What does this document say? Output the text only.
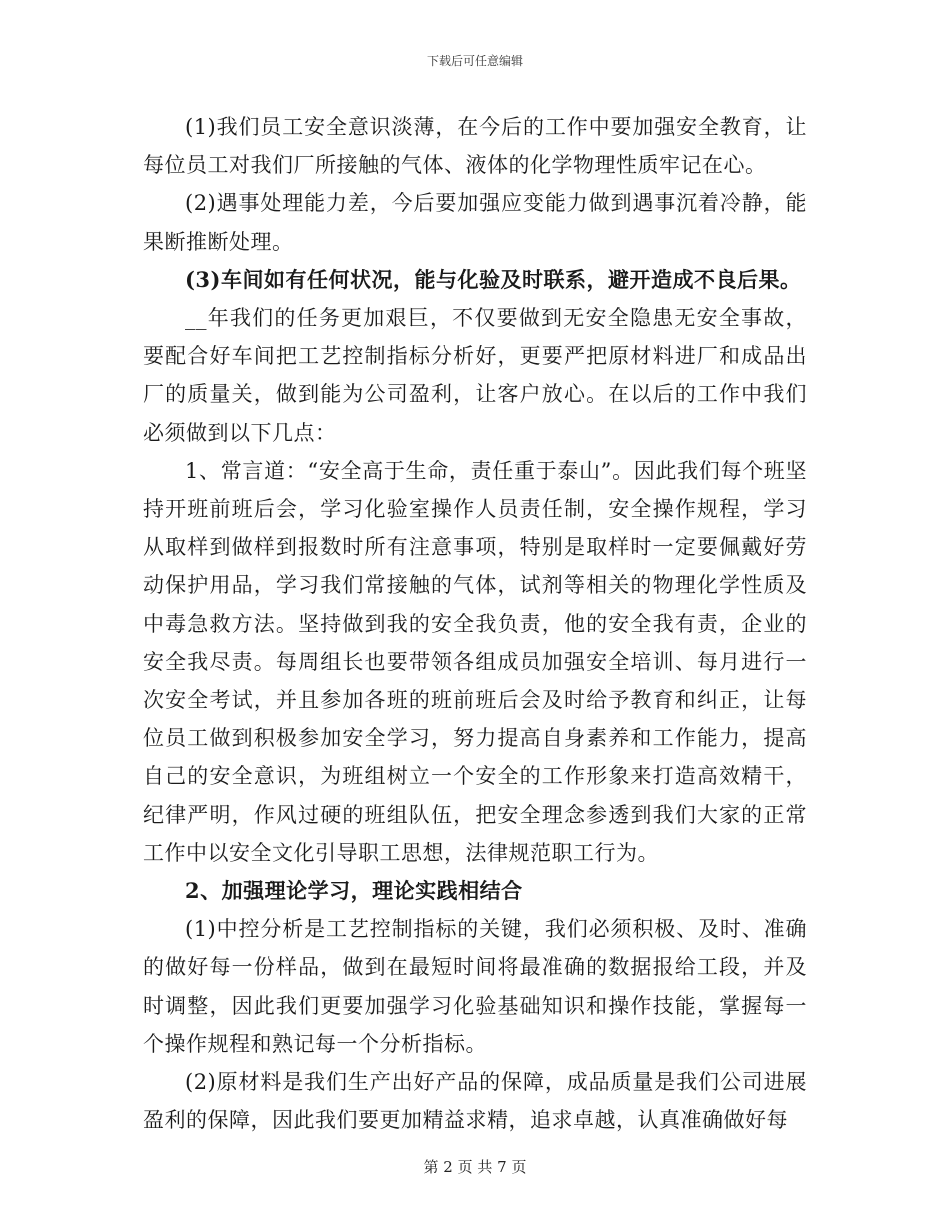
下载后可任意编辑

(1)我们员工安全意识淡薄，在今后的工作中要加强安全教育，让每位员工对我们厂所接触的气体、液体的化学物理性质牢记在心。

(2)遇事处理能力差，今后要加强应变能力做到遇事沉着冷静，能果断推断处理。

(3)车间如有任何状况，能与化验及时联系，避开造成不良后果。

__年我们的任务更加艰巨，不仅要做到无安全隐患无安全事故，要配合好车间把工艺控制指标分析好，更要严把原材料进厂和成品出厂的质量关，做到能为公司盈利，让客户放心。在以后的工作中我们必须做到以下几点：

1、常言道：“安全高于生命，责任重于泰山”。因此我们每个班坚持开班前班后会，学习化验室操作人员责任制，安全操作规程，学习从取样到做样到报数时所有注意事项，特别是取样时一定要佩戴好劳动保护用品，学习我们常接触的气体，试剂等相关的物理化学性质及中毒急救方法。坚持做到我的安全我负责，他的安全我有责，企业的安全我尽责。每周组长也要带领各组成员加强安全培训、每月进行一次安全考试，并且参加各班的班前班后会及时给予教育和纠正，让每位员工做到积极参加安全学习，努力提高自身素养和工作能力，提高自己的安全意识，为班组树立一个安全的工作形象来打造高效精干，纪律严明，作风过硬的班组队伍，把安全理念参透到我们大家的正常工作中以安全文化引导职工思想，法律规范职工行为。

2、加强理论学习，理论实践相结合

(1)中控分析是工艺控制指标的关键，我们必须积极、及时、准确的做好每一份样品，做到在最短时间将最准确的数据报给工段，并及时调整，因此我们更要加强学习化验基础知识和操作技能，掌握每一个操作规程和熟记每一个分析指标。

(2)原材料是我们生产出好产品的保障，成品质量是我们公司进展盈利的保障，因此我们要更加精益求精，追求卓越，认真准确做好每

第 2 页 共 7 页
